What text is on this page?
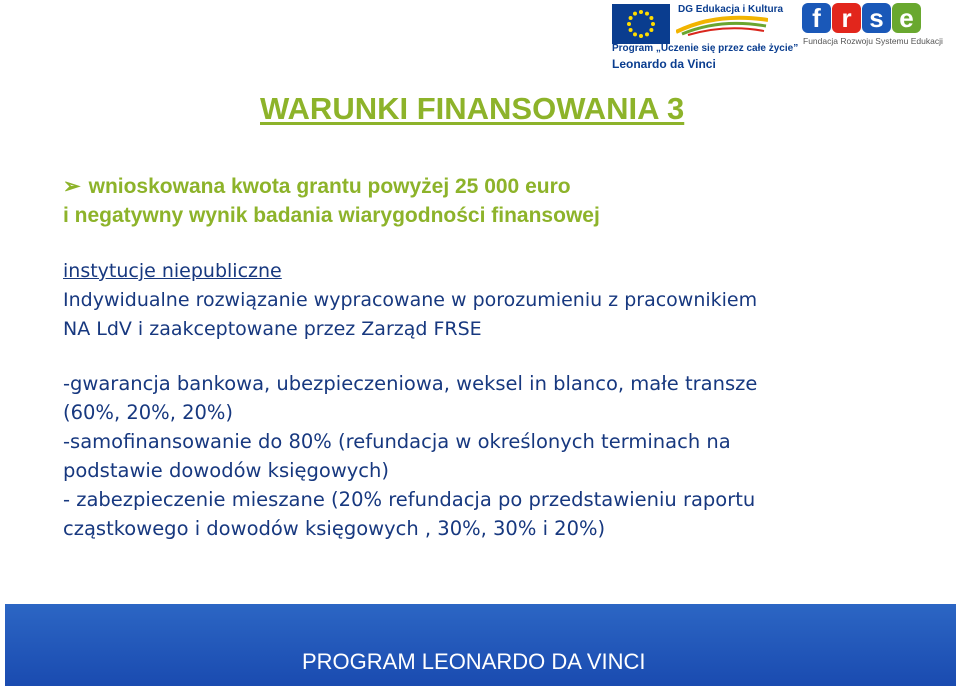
DG Edukacja i Kultura
Program „Uczenie się przez całe życie”
Leonardo da Vinci
f r s e
Fundacja Rozwoju Systemu Edukacji
WARUNKI FINANSOWANIA 3
➢ wnioskowana kwota grantu powyżej 25 000 euro
i negatywny wynik badania wiarygodności finansowej
instytucje niepubliczne
Indywidualne rozwiązanie wypracowane w porozumieniu z pracownikiem
NA LdV i zaakceptowane przez Zarząd FRSE
-gwarancja bankowa, ubezpieczeniowa, weksel in blanco, małe transze
(60%, 20%, 20%)
-samofinansowanie do 80% (refundacja w określonych terminach na
podstawie dowodów księgowych)
- zabezpieczenie mieszane (20% refundacja po przedstawieniu raportu
cząstkowego i dowodów księgowych , 30%, 30% i 20%)
PROGRAM LEONARDO DA VINCI
